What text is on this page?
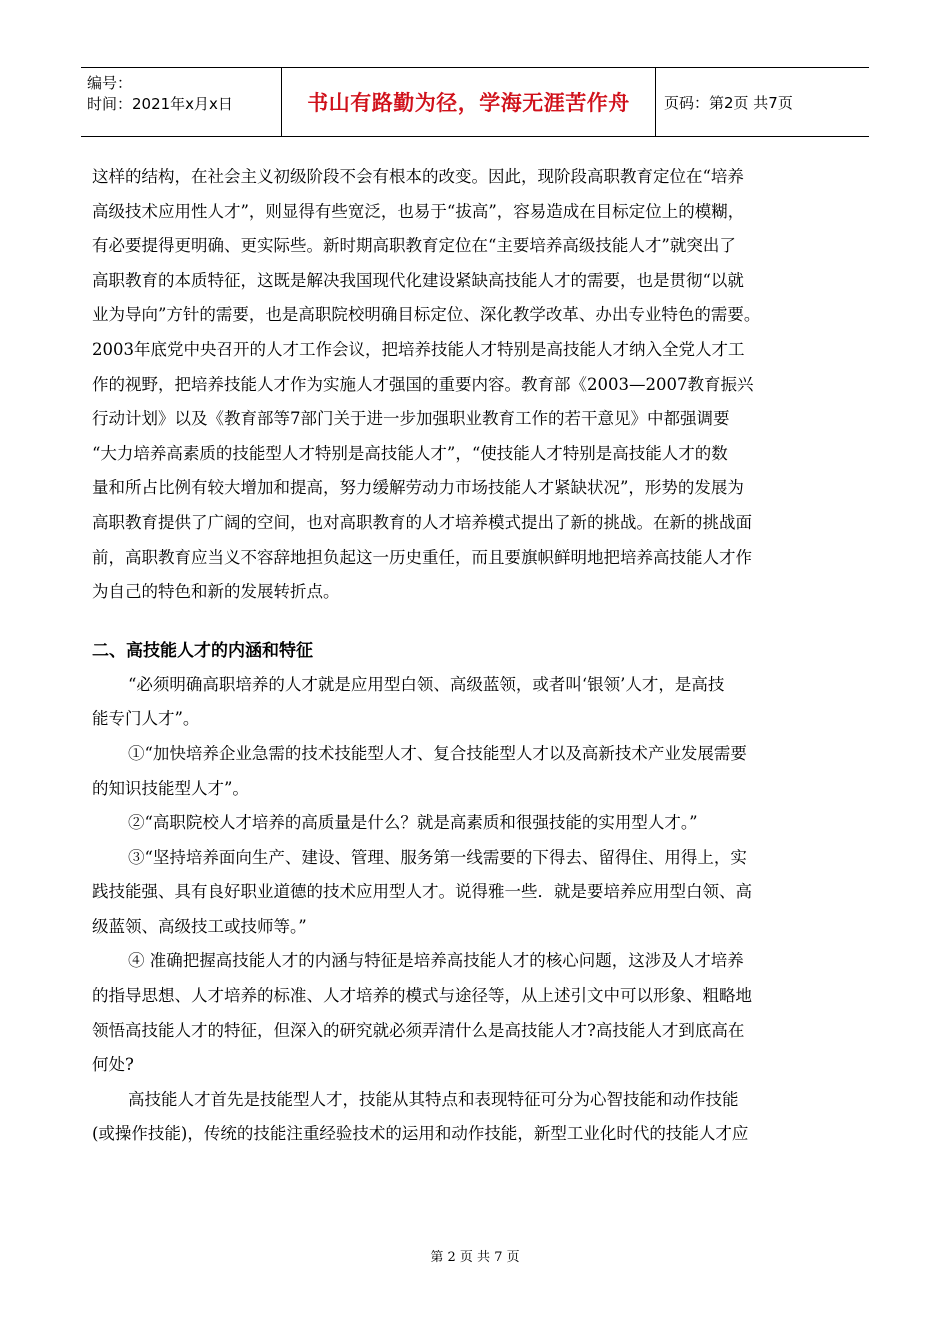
编号：
时间：2021年x月x日	书山有路勤为径，学海无涯苦作舟	页码：第2页 共7页

这样的结构，在社会主义初级阶段不会有根本的改变。因此，现阶段高职教育定位在“培养
高级技术应用性人才”，则显得有些宽泛，也易于“拔高”，容易造成在目标定位上的模糊，
有必要提得更明确、更实际些。新时期高职教育定位在“主要培养高级技能人才”就突出了
高职教育的本质特征，这既是解决我国现代化建设紧缺高技能人才的需要，也是贯彻“以就
业为导向”方针的需要，也是高职院校明确目标定位、深化教学改革、办出专业特色的需要。
2003年底党中央召开的人才工作会议，把培养技能人才特别是高技能人才纳入全党人才工
作的视野，把培养技能人才作为实施人才强国的重要内容。教育部《2003—2007教育振兴
行动计划》以及《教育部等7部门关于进一步加强职业教育工作的若干意见》中都强调要
“大力培养高素质的技能型人才特别是高技能人才”，“使技能人才特别是高技能人才的数
量和所占比例有较大增加和提高，努力缓解劳动力市场技能人才紧缺状况”，形势的发展为
高职教育提供了广阔的空间，也对高职教育的人才培养模式提出了新的挑战。在新的挑战面
前，高职教育应当义不容辞地担负起这一历史重任，而且要旗帜鲜明地把培养高技能人才作
为自己的特色和新的发展转折点。

二、高技能人才的内涵和特征

“必须明确高职培养的人才就是应用型白领、高级蓝领，或者叫‘银领’人才，是高技
能专门人才”。

①“加快培养企业急需的技术技能型人才、复合技能型人才以及高新技术产业发展需要
的知识技能型人才”。

②“高职院校人才培养的高质量是什么？就是高素质和很强技能的实用型人才。”

③“坚持培养面向生产、建设、管理、服务第一线需要的下得去、留得住、用得上，实
践技能强、具有良好职业道德的技术应用型人才。说得雅一些．就是要培养应用型白领、高
级蓝领、高级技工或技师等。”

④ 准确把握高技能人才的内涵与特征是培养高技能人才的核心问题，这涉及人才培养
的指导思想、人才培养的标准、人才培养的模式与途径等，从上述引文中可以形象、粗略地
领悟高技能人才的特征，但深入的研究就必须弄清什么是高技能人才?高技能人才到底高在
何处?

高技能人才首先是技能型人才，技能从其特点和表现特征可分为心智技能和动作技能
(或操作技能)，传统的技能注重经验技术的运用和动作技能，新型工业化时代的技能人才应

第 2 页 共 7 页
